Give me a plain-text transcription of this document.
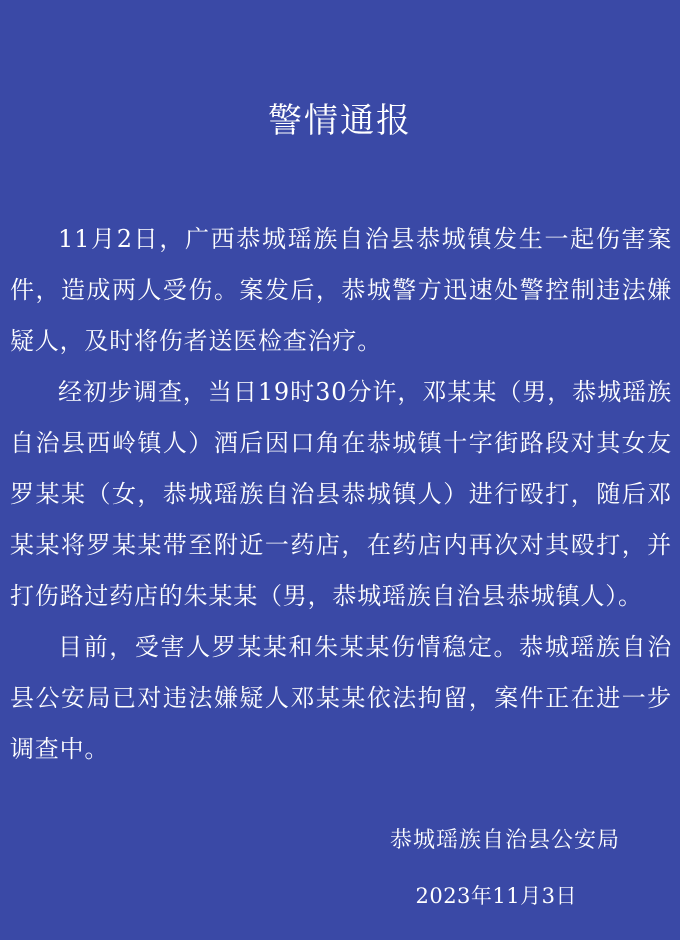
警情通报

11月2日，广西恭城瑶族自治县恭城镇发生一起伤害案件，造成两人受伤。案发后，恭城警方迅速处警控制违法嫌疑人，及时将伤者送医检查治疗。

经初步调查，当日19时30分许，邓某某（男，恭城瑶族自治县西岭镇人）酒后因口角在恭城镇十字街路段对其女友罗某某（女，恭城瑶族自治县恭城镇人）进行殴打，随后邓某某将罗某某带至附近一药店，在药店内再次对其殴打，并打伤路过药店的朱某某（男，恭城瑶族自治县恭城镇人）。

目前，受害人罗某某和朱某某伤情稳定。恭城瑶族自治县公安局已对违法嫌疑人邓某某依法拘留，案件正在进一步调查中。

恭城瑶族自治县公安局
2023年11月3日
